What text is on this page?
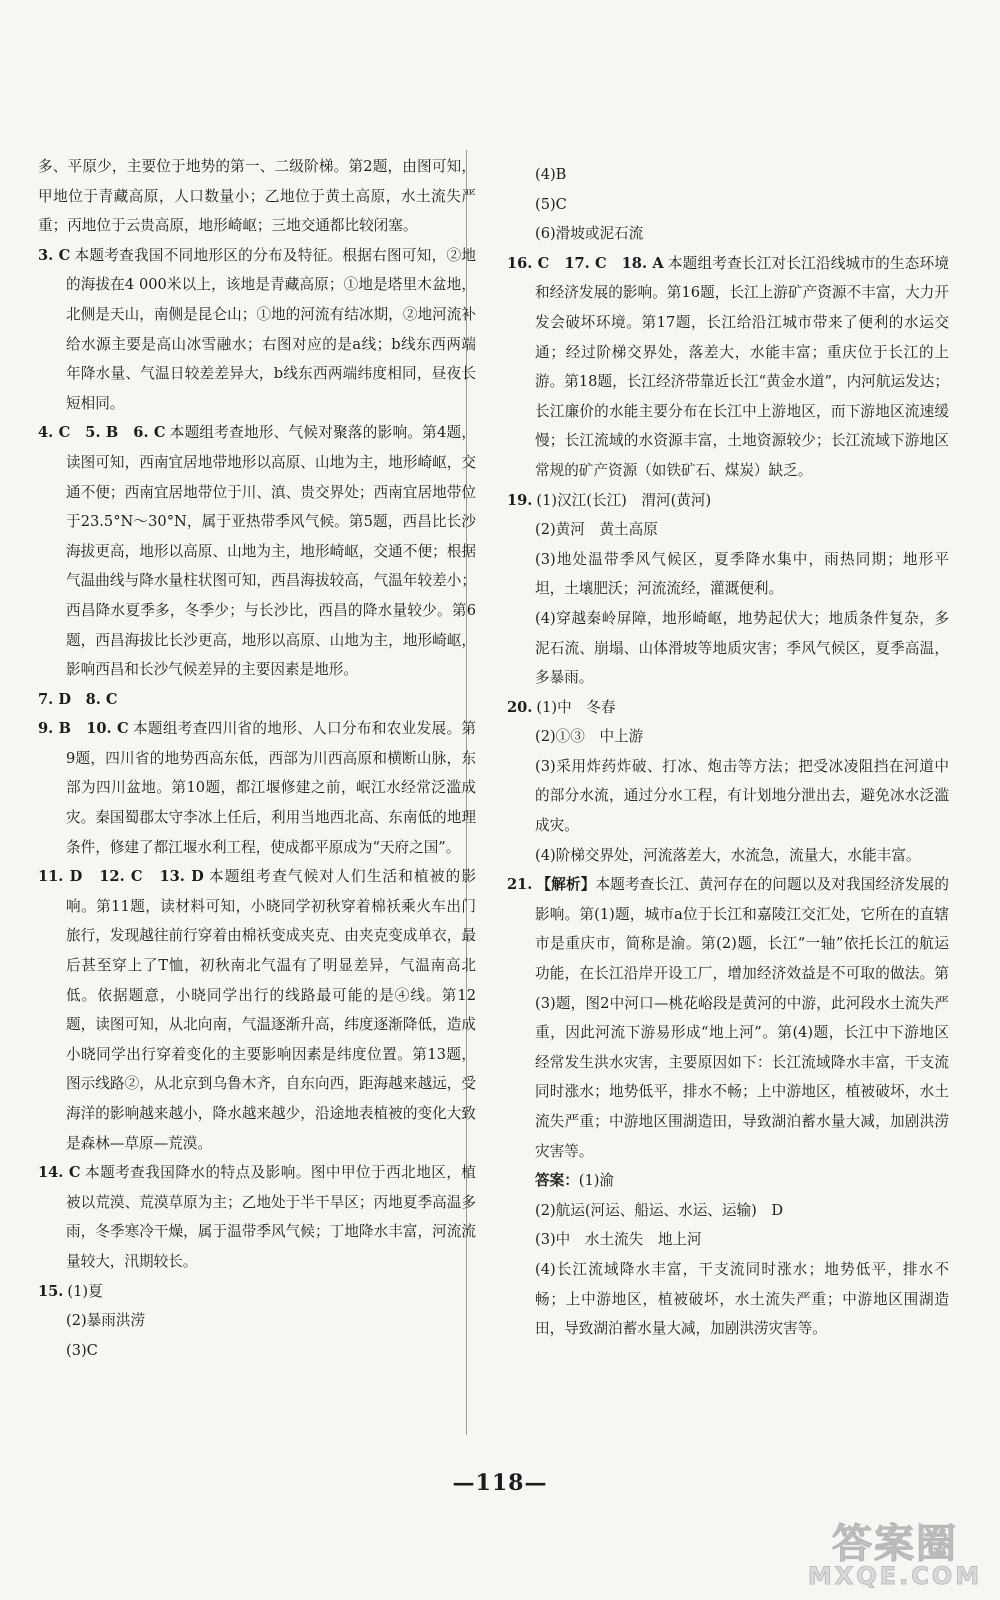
多、平原少，主要位于地势的第一、二级阶梯。第2题，由图可知，甲地位于青藏高原，人口数量小；乙地位于黄土高原，水土流失严重；丙地位于云贵高原，地形崎岖；三地交通都比较闭塞。

3. C 本题考查我国不同地形区的分布及特征。根据右图可知，②地的海拔在4 000米以上，该地是青藏高原；①地是塔里木盆地，北侧是天山，南侧是昆仑山；①地的河流有结冰期，②地河流补给水源主要是高山冰雪融水；右图对应的是a线；b线东西两端年降水量、气温日较差差异大，b线东西两端纬度相同，昼夜长短相同。

4. C　5. B　6. C 本题组考查地形、气候对聚落的影响。第4题，读图可知，西南宜居地带地形以高原、山地为主，地形崎岖，交通不便；西南宜居地带位于川、滇、贵交界处；西南宜居地带位于23.5°N～30°N，属于亚热带季风气候。第5题，西昌比长沙海拔更高，地形以高原、山地为主，地形崎岖，交通不便；根据气温曲线与降水量柱状图可知，西昌海拔较高，气温年较差小；西昌降水夏季多，冬季少；与长沙比，西昌的降水量较少。第6题，西昌海拔比长沙更高，地形以高原、山地为主，地形崎岖，影响西昌和长沙气候差异的主要因素是地形。

7. D　8. C

9. B　10. C 本题组考查四川省的地形、人口分布和农业发展。第9题，四川省的地势西高东低，西部为川西高原和横断山脉，东部为四川盆地。第10题，都江堰修建之前，岷江水经常泛滥成灾。秦国蜀郡太守李冰上任后，利用当地西北高、东南低的地理条件，修建了都江堰水利工程，使成都平原成为“天府之国”。

11. D　12. C　13. D 本题组考查气候对人们生活和植被的影响。第11题，读材料可知，小晓同学初秋穿着棉袄乘火车出门旅行，发现越往前行穿着由棉袄变成夹克、由夹克变成单衣，最后甚至穿上了T恤，初秋南北气温有了明显差异，气温南高北低。依据题意，小晓同学出行的线路最可能的是④线。第12题，读图可知，从北向南，气温逐渐升高，纬度逐渐降低，造成小晓同学出行穿着变化的主要影响因素是纬度位置。第13题，图示线路②，从北京到乌鲁木齐，自东向西，距海越来越远，受海洋的影响越来越小，降水越来越少，沿途地表植被的变化大致是森林—草原—荒漠。

14. C 本题考查我国降水的特点及影响。图中甲位于西北地区，植被以荒漠、荒漠草原为主；乙地处于半干旱区；丙地夏季高温多雨，冬季寒冷干燥，属于温带季风气候；丁地降水丰富，河流流量较大，汛期较长。

15. (1)夏

(2)暴雨洪涝

(3)C

(4)B

(5)C

(6)滑坡或泥石流

16. C　17. C　18. A 本题组考查长江对长江沿线城市的生态环境和经济发展的影响。第16题，长江上游矿产资源不丰富，大力开发会破坏环境。第17题，长江给沿江城市带来了便利的水运交通；经过阶梯交界处，落差大，水能丰富；重庆位于长江的上游。第18题，长江经济带靠近长江“黄金水道”，内河航运发达；长江廉价的水能主要分布在长江中上游地区，而下游地区流速缓慢；长江流域的水资源丰富，土地资源较少；长江流域下游地区常规的矿产资源（如铁矿石、煤炭）缺乏。

19. (1)汉江(长江)　渭河(黄河)

(2)黄河　黄土高原

(3)地处温带季风气候区，夏季降水集中，雨热同期；地形平坦，土壤肥沃；河流流经，灌溉便利。

(4)穿越秦岭屏障，地形崎岖，地势起伏大；地质条件复杂，多泥石流、崩塌、山体滑坡等地质灾害；季风气候区，夏季高温，多暴雨。

20. (1)中　冬春

(2)①③　中上游

(3)采用炸药炸破、打冰、炮击等方法；把受冰凌阻挡在河道中的部分水流，通过分水工程，有计划地分泄出去，避免冰水泛滥成灾。

(4)阶梯交界处，河流落差大，水流急，流量大，水能丰富。

21. 【解析】本题考查长江、黄河存在的问题以及对我国经济发展的影响。第(1)题，城市a位于长江和嘉陵江交汇处，它所在的直辖市是重庆市，简称是渝。第(2)题，长江“一轴”依托长江的航运功能，在长江沿岸开设工厂，增加经济效益是不可取的做法。第(3)题，图2中河口—桃花峪段是黄河的中游，此河段水土流失严重，因此河流下游易形成“地上河”。第(4)题，长江中下游地区经常发生洪水灾害，主要原因如下：长江流域降水丰富，干支流同时涨水；地势低平，排水不畅；上中游地区，植被破坏，水土流失严重；中游地区围湖造田，导致湖泊蓄水量大减，加剧洪涝灾害等。

答案：(1)渝

(2)航运(河运、船运、水运、运输)　D

(3)中　水土流失　地上河

(4)长江流域降水丰富，干支流同时涨水；地势低平，排水不畅；上中游地区，植被破坏，水土流失严重；中游地区围湖造田，导致湖泊蓄水量大减，加剧洪涝灾害等。

—118—
答案圈
MXQE.COM
